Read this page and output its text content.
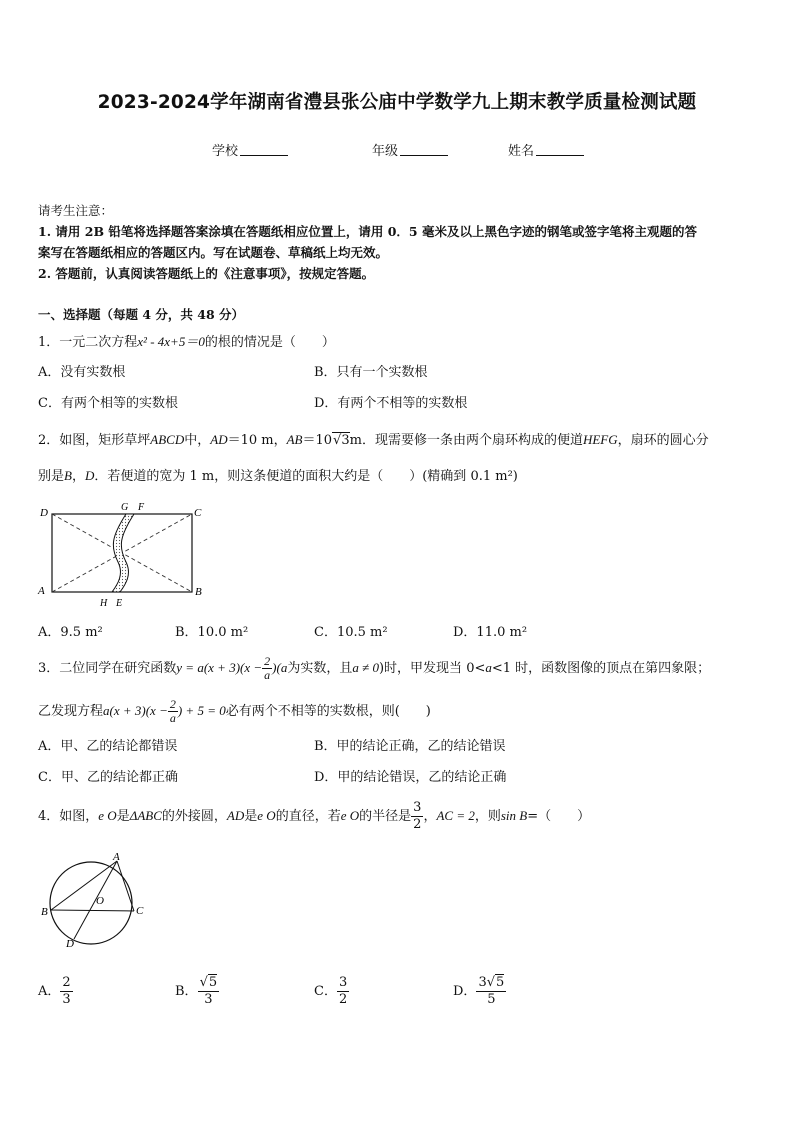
2023-2024学年湖南省澧县张公庙中学数学九上期末教学质量检测试题
学校	年级	姓名
请考生注意：
1. 请用 2B 铅笔将选择题答案涂填在答题纸相应位置上，请用 0．5 毫米及以上黑色字迹的钢笔或签字笔将主观题的答
案写在答题纸相应的答题区内。写在试题卷、草稿纸上均无效。
2. 答题前，认真阅读答题纸上的《注意事项》，按规定答题。
一、选择题（每题 4 分，共 48 分）
1．一元二次方程x² - 4x+5＝0的根的情况是（　　）
A．没有实数根	B．只有一个实数根
C．有两个相等的实数根	D．有两个不相等的实数根
2．如图，矩形草坪ABCD中，AD＝10 m，AB＝10√3m．现需要修一条由两个扇环构成的便道HEFG，扇环的圆心分
别是B，D．若便道的宽为 1 m，则这条便道的面积大约是（　　）(精确到 0.1 m²)
D	G F	C
A
H E
B
A．9.5 m²	B．10.0 m²	C．10.5 m²	D．11.0 m²
3．二位同学在研究函数$y = a(x + 3)(x - \frac{2}{a} )(a$为实数，且a ≠ 0)时，甲发现当 0<a<1 时，函数图像的顶点在第四象限；
乙发现方程$a(x + 3)(x - \frac{2}{a}$ ) + 5 = 0必有两个不相等的实数根，则(　　)
A．甲、乙的结论都错误	B．甲的结论正确，乙的结论错误
C．甲、乙的结论都正确	D．甲的结论错误，乙的结论正确
4．如图，e O是ΔABC的外接圆，AD是e O的直径，若e O的半径是 $\frac{3}{2}$ ，AC = 2，则sin B=（　　）
A
B
O
C
D
A． $\frac{2}{3}$	B． $\frac{√5}{3}$	C． $\frac{3}{2}$	D． $\frac{3√5}{5}$
